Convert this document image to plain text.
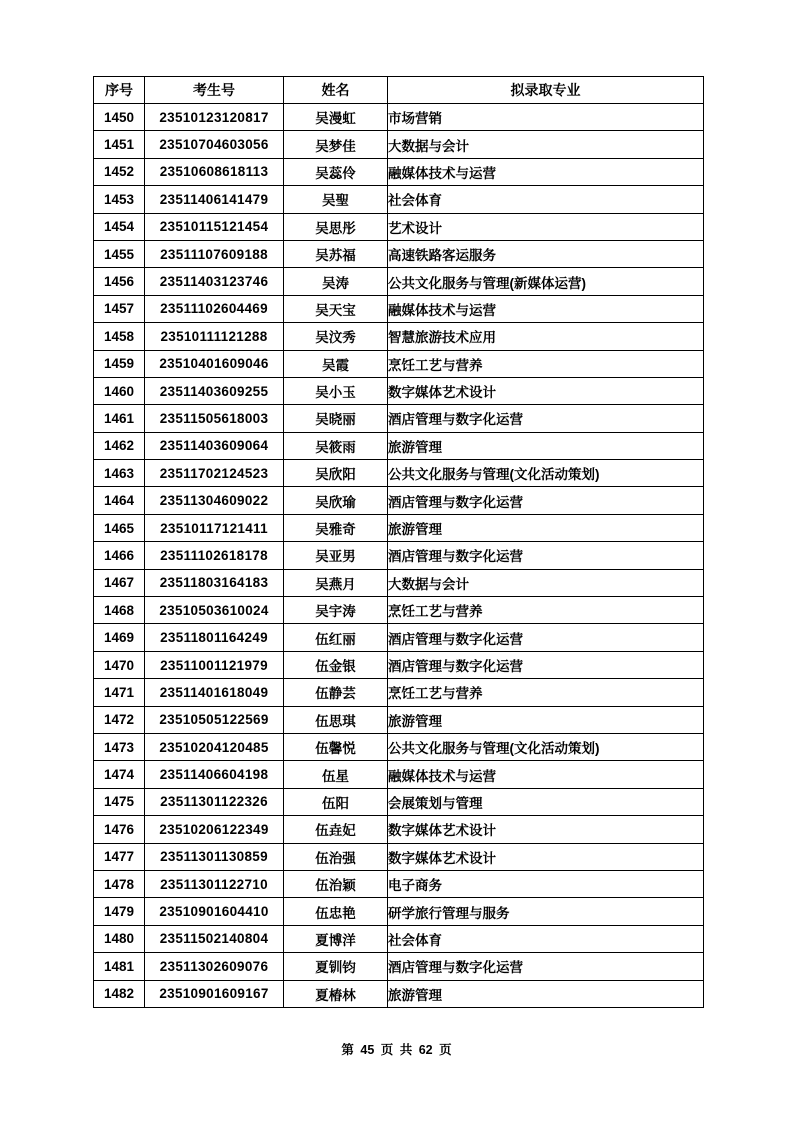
序号	考生号	姓名	拟录取专业
1450	23510123120817	吴漫虹	市场营销
1451	23510704603056	吴梦佳	大数据与会计
1452	23510608618113	吴蕊伶	融媒体技术与运营
1453	23511406141479	吴聖	社会体育
1454	23510115121454	吴思彤	艺术设计
1455	23511107609188	吴苏福	高速铁路客运服务
1456	23511403123746	吴涛	公共文化服务与管理(新媒体运营)
1457	23511102604469	吴天宝	融媒体技术与运营
1458	23510111121288	吴汶秀	智慧旅游技术应用
1459	23510401609046	吴霞	烹饪工艺与营养
1460	23511403609255	吴小玉	数字媒体艺术设计
1461	23511505618003	吴晓丽	酒店管理与数字化运营
1462	23511403609064	吴筱雨	旅游管理
1463	23511702124523	吴欣阳	公共文化服务与管理(文化活动策划)
1464	23511304609022	吴欣瑜	酒店管理与数字化运营
1465	23510117121411	吴雅奇	旅游管理
1466	23511102618178	吴亚男	酒店管理与数字化运营
1467	23511803164183	吴燕月	大数据与会计
1468	23510503610024	吴宇涛	烹饪工艺与营养
1469	23511801164249	伍红丽	酒店管理与数字化运营
1470	23511001121979	伍金银	酒店管理与数字化运营
1471	23511401618049	伍静芸	烹饪工艺与营养
1472	23510505122569	伍思琪	旅游管理
1473	23510204120485	伍馨悦	公共文化服务与管理(文化活动策划)
1474	23511406604198	伍星	融媒体技术与运营
1475	23511301122326	伍阳	会展策划与管理
1476	23510206122349	伍垚妃	数字媒体艺术设计
1477	23511301130859	伍治强	数字媒体艺术设计
1478	23511301122710	伍治颖	电子商务
1479	23510901604410	伍忠艳	研学旅行管理与服务
1480	23511502140804	夏博洋	社会体育
1481	23511302609076	夏钏钧	酒店管理与数字化运营
1482	23510901609167	夏椿林	旅游管理
第 45 页 共 62 页
